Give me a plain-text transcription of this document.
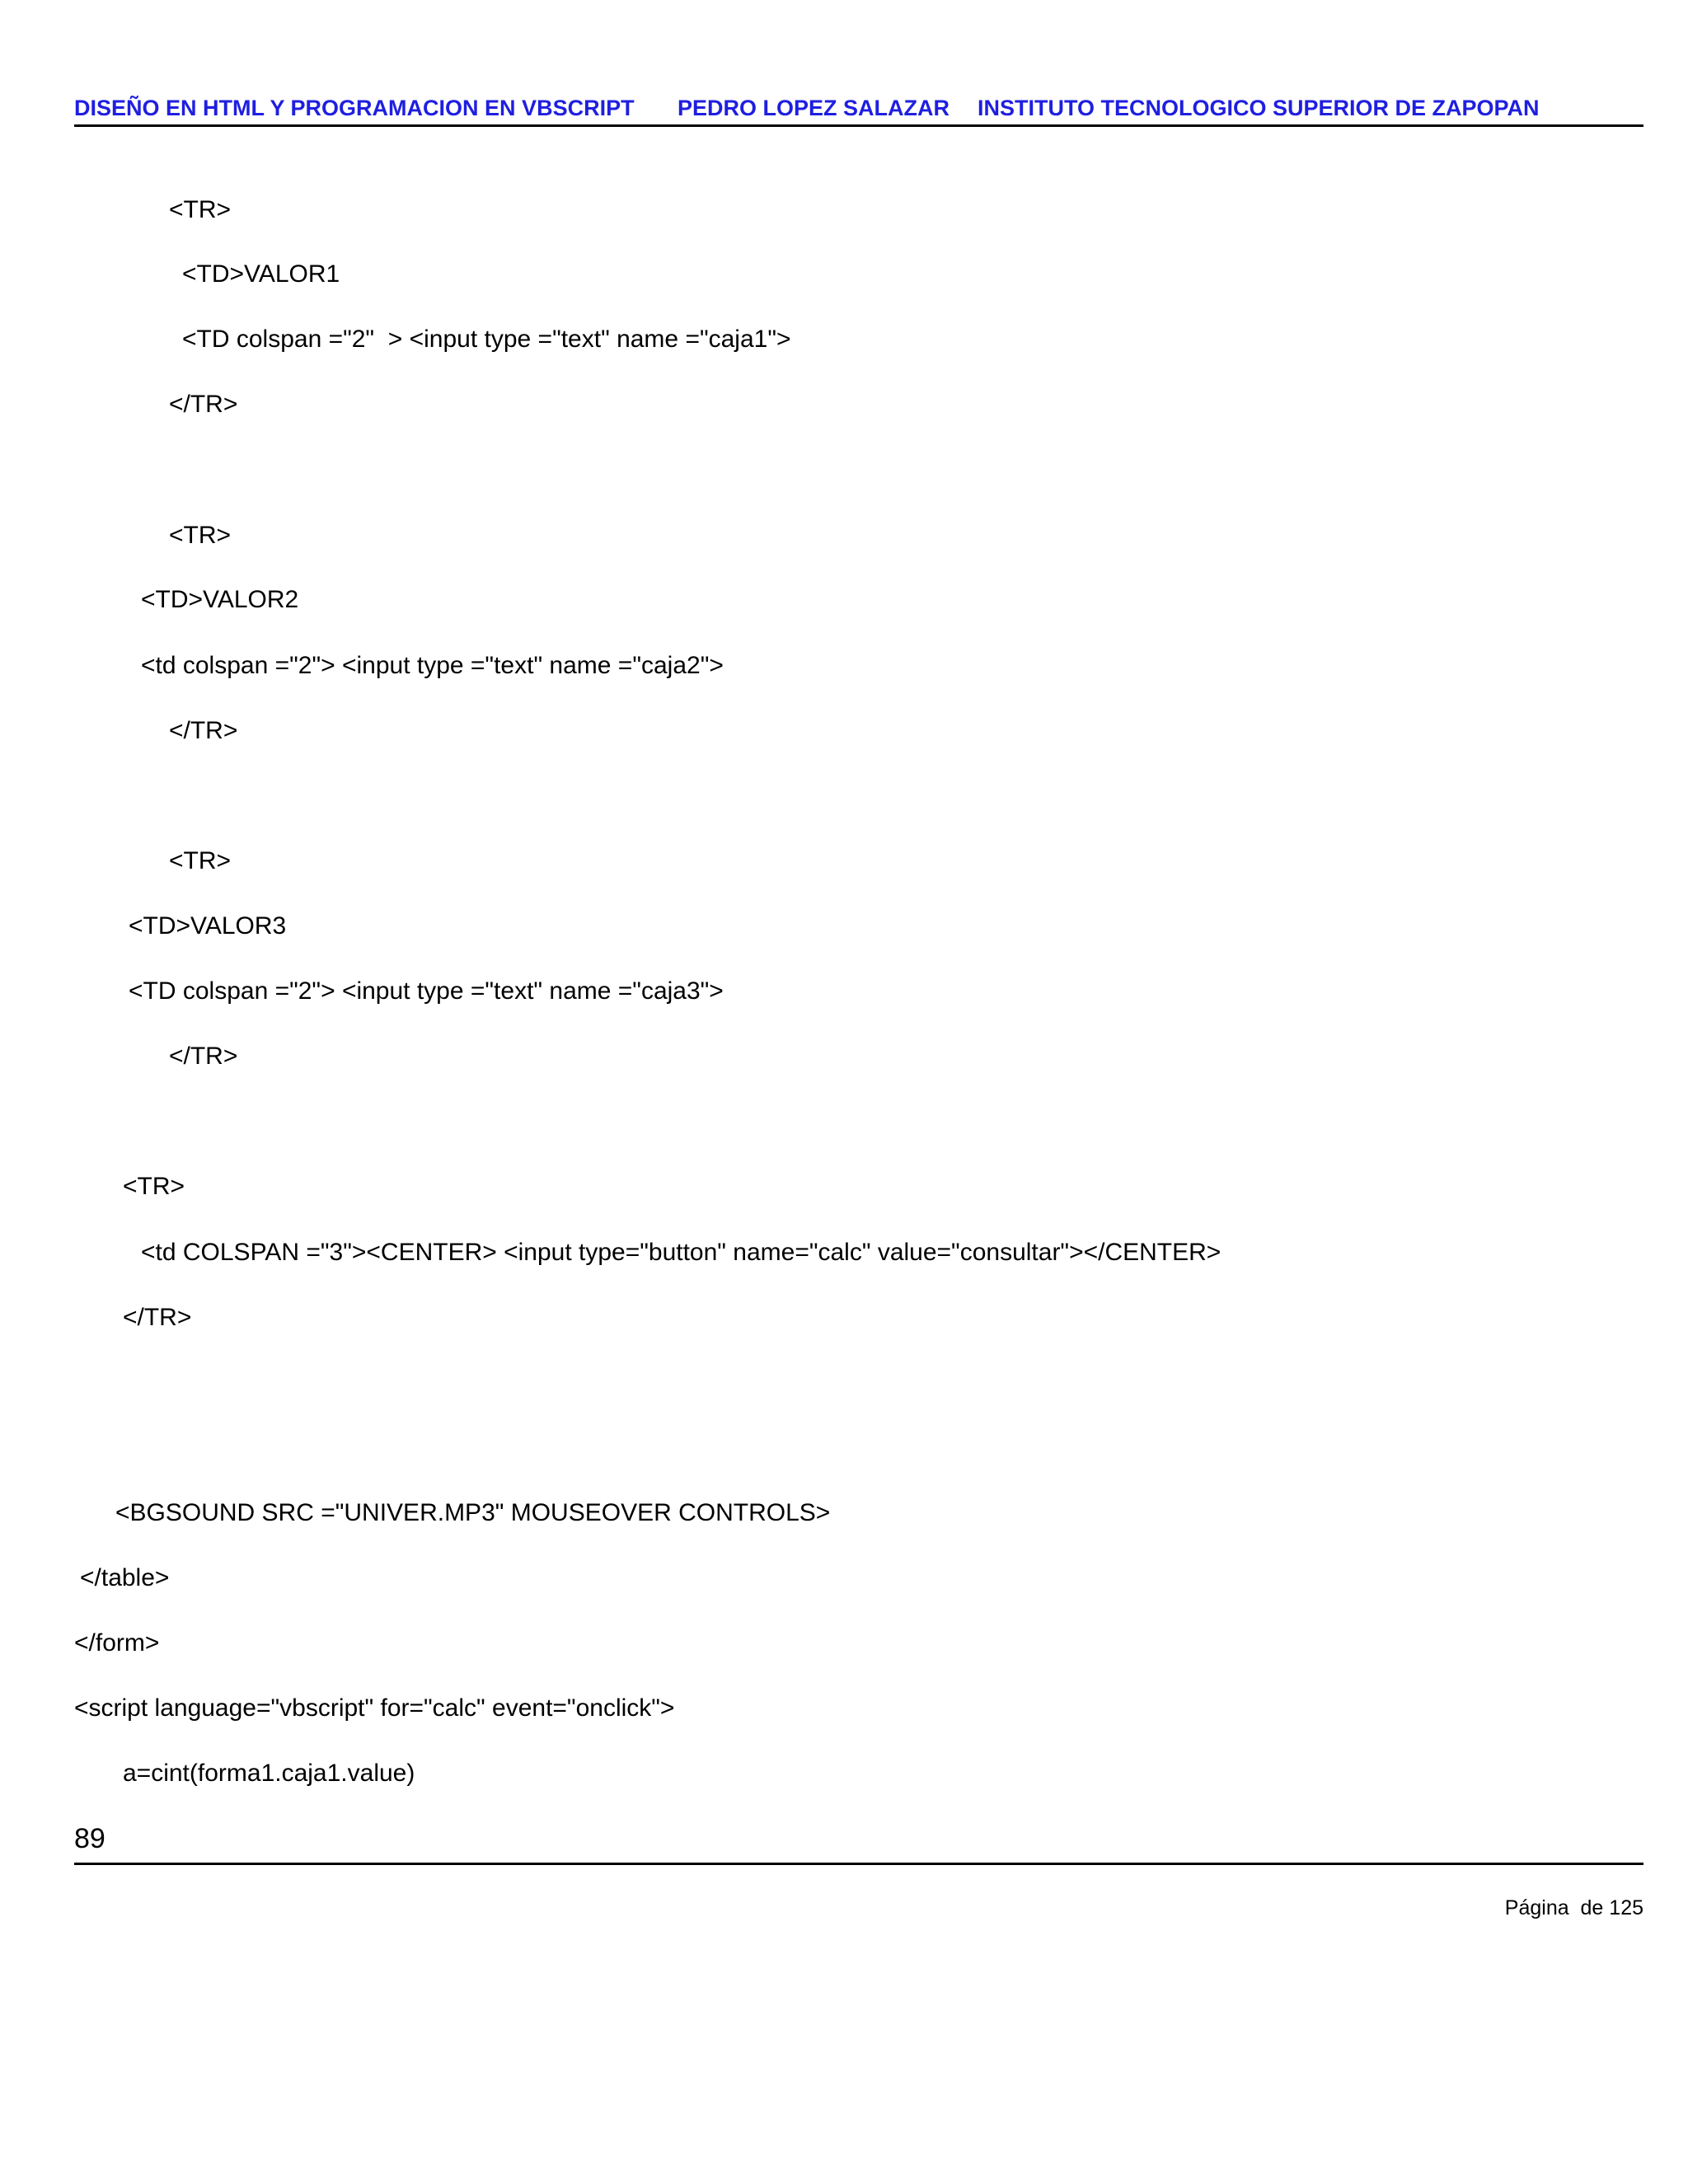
DISEÑO EN HTML Y PROGRAMACION EN VBSCRIPT PEDRO LOPEZ SALAZAR INSTITUTO TECNOLOGICO SUPERIOR DE ZAPOPAN
<TR>
<TD>VALOR1
<TD colspan ="2"  > <input type ="text" name ="caja1">
</TR>
<TR>
<TD>VALOR2
<td colspan ="2"> <input type ="text" name ="caja2">
</TR>
<TR>
<TD>VALOR3
<TD colspan ="2"> <input type ="text" name ="caja3">
</TR>
<TR>
<td COLSPAN ="3"><CENTER> <input type="button" name="calc" value="consultar"></CENTER>
</TR>
<BGSOUND SRC ="UNIVER.MP3" MOUSEOVER CONTROLS>
</table>
</form>
<script language="vbscript" for="calc" event="onclick">
a=cint(forma1.caja1.value)
89
Página  de 125
